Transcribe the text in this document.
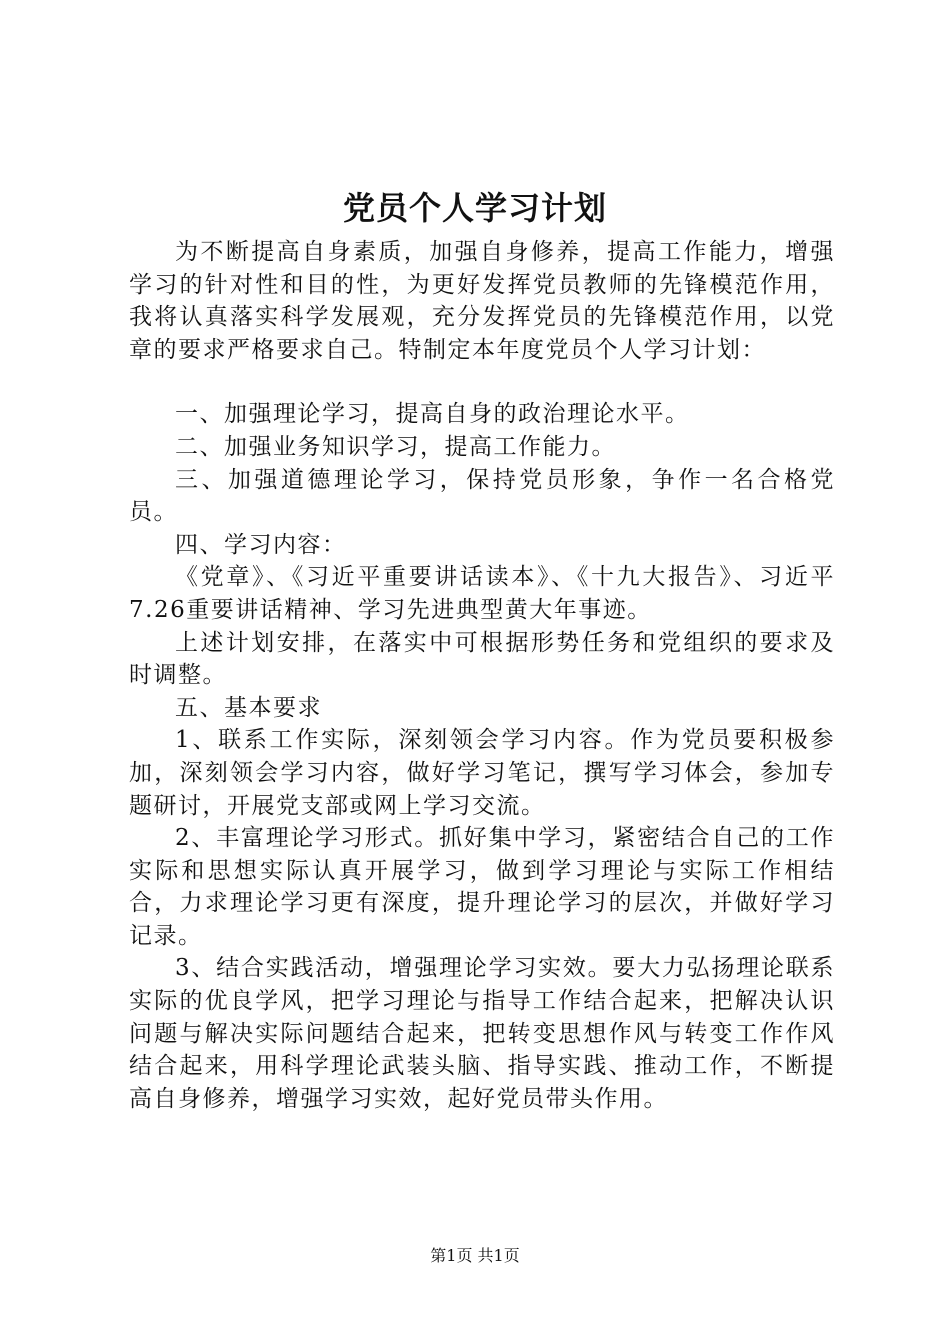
党员个人学习计划

为不断提高自身素质，加强自身修养，提高工作能力，增强学习的针对性和目的性，为更好发挥党员教师的先锋模范作用，我将认真落实科学发展观，充分发挥党员的先锋模范作用，以党章的要求严格要求自己。特制定本年度党员个人学习计划：

一、加强理论学习，提高自身的政治理论水平。

二、加强业务知识学习，提高工作能力。

三、加强道德理论学习，保持党员形象，争作一名合格党员。

四、学习内容：

《党章》、《习近平重要讲话读本》、《十九大报告》、习近平7.26重要讲话精神、学习先进典型黄大年事迹。

上述计划安排，在落实中可根据形势任务和党组织的要求及时调整。

五、基本要求

1、联系工作实际，深刻领会学习内容。作为党员要积极参加，深刻领会学习内容，做好学习笔记，撰写学习体会，参加专题研讨，开展党支部或网上学习交流。

2、丰富理论学习形式。抓好集中学习，紧密结合自己的工作实际和思想实际认真开展学习，做到学习理论与实际工作相结合，力求理论学习更有深度，提升理论学习的层次，并做好学习记录。

3、结合实践活动，增强理论学习实效。要大力弘扬理论联系实际的优良学风，把学习理论与指导工作结合起来，把解决认识问题与解决实际问题结合起来，把转变思想作风与转变工作作风结合起来，用科学理论武装头脑、指导实践、推动工作，不断提高自身修养，增强学习实效，起好党员带头作用。

第1页 共1页
